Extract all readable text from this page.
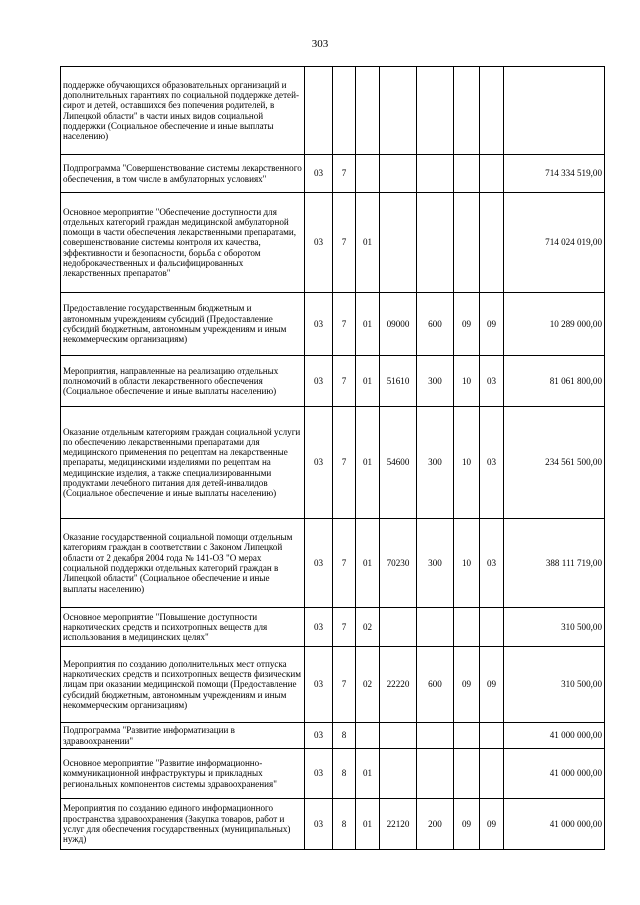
303
поддержке обучающихся образовательных организаций и дополнительных гарантиях по социальной поддержке детей-сирот и детей, оставшихся без попечения родителей, в Липецкой области" в части иных видов социальной поддержки (Социальное обеспечение и иные выплаты населению)								
Подпрограмма "Совершенствование системы лекарственного обеспечения, в том числе в амбулаторных условиях"	03	7						714 334 519,00
Основное мероприятие "Обеспечение доступности для отдельных категорий граждан медицинской амбулаторной помощи в части обеспечения лекарственными препаратами, совершенствование системы контроля их качества, эффективности и безопасности, борьба с оборотом недоброкачественных и фальсифицированных лекарственных препаратов"	03	7	01					714 024 019,00
Предоставление государственным бюджетным и автономным учреждениям субсидий (Предоставление субсидий бюджетным, автономным учреждениям и иным некоммерческим организациям)	03	7	01	09000	600	09	09	10 289 000,00
Мероприятия, направленные на реализацию отдельных полномочий в области лекарственного обеспечения (Социальное обеспечение и иные выплаты населению)	03	7	01	51610	300	10	03	81 061 800,00
Оказание отдельным категориям граждан социальной услуги по обеспечению лекарственными препаратами для медицинского применения по рецептам на лекарственные препараты, медицинскими изделиями по рецептам на медицинские изделия, а также специализированными продуктами лечебного питания для детей-инвалидов (Социальное обеспечение и иные выплаты населению)	03	7	01	54600	300	10	03	234 561 500,00
Оказание государственной социальной помощи отдельным категориям граждан в соответствии с Законом Липецкой области от 2 декабря 2004 года № 141-ОЗ "О мерах социальной поддержки отдельных категорий граждан в Липецкой области" (Социальное обеспечение и иные выплаты населению)	03	7	01	70230	300	10	03	388 111 719,00
Основное мероприятие "Повышение доступности наркотических средств и психотропных веществ для использования в медицинских целях"	03	7	02					310 500,00
Мероприятия по созданию дополнительных мест отпуска наркотических средств и психотропных веществ физическим лицам при оказании медицинской помощи (Предоставление субсидий бюджетным, автономным учреждениям и иным некоммерческим организациям)	03	7	02	22220	600	09	09	310 500,00
Подпрограмма "Развитие информатизации в здравоохранении"	03	8						41 000 000,00
Основное мероприятие "Развитие информационно-коммуникационной инфраструктуры и прикладных региональных компонентов системы здравоохранения"	03	8	01					41 000 000,00
Мероприятия по созданию единого информационного пространства здравоохранения (Закупка товаров, работ и услуг для обеспечения государственных (муниципальных) нужд)	03	8	01	22120	200	09	09	41 000 000,00
